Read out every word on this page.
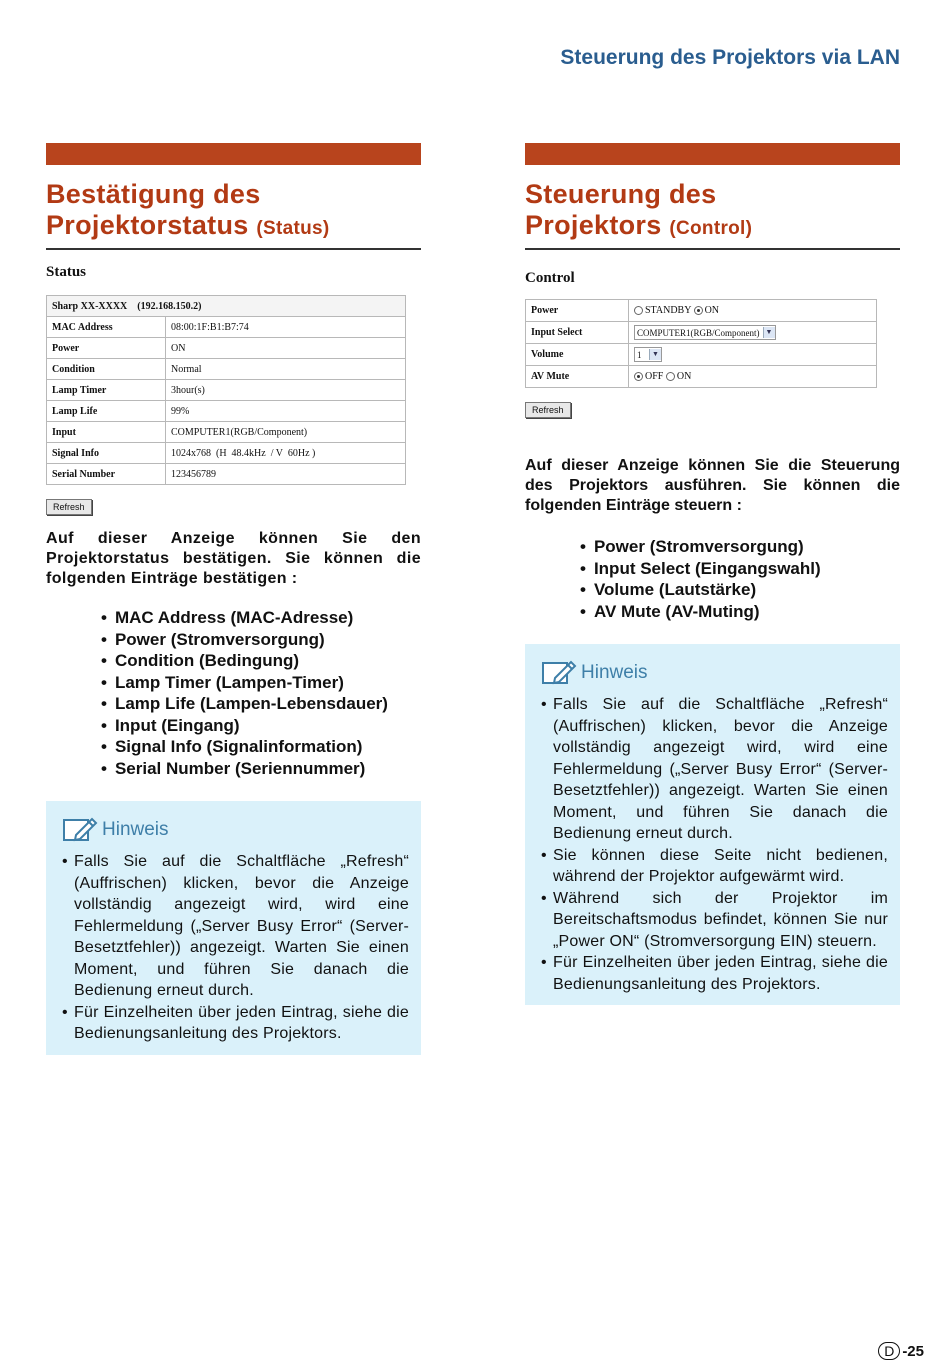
Steuerung des Projektors via LAN
Bestätigung des
Projektorstatus (Status)
Status
Sharp XX-XXXX    (192.168.150.2)	
MAC Address	08:00:1F:B1:B7:74
Power	ON
Condition	Normal
Lamp Timer	3hour(s)
Lamp Life	99%
Input	COMPUTER1(RGB/Component)
Signal Info	1024x768  (H  48.4kHz  / V  60Hz )
Serial Number	123456789
Refresh
Auf dieser Anzeige können Sie den Projektorstatus bestätigen. Sie können die folgenden Einträge bestätigen :
• MAC Address (MAC-Adresse)
• Power (Stromversorgung)
• Condition (Bedingung)
• Lamp Timer (Lampen-Timer)
• Lamp Life (Lampen-Lebensdauer)
• Input (Eingang)
• Signal Info (Signalinformation)
• Serial Number (Seriennummer)
Hinweis
• Falls Sie auf die Schaltfläche „Refresh“ (Auffrischen) klicken, bevor die Anzeige vollständig angezeigt wird, wird eine Fehlermeldung („Server Busy Error“ (Server-Besetztfehler)) angezeigt. Warten Sie einen Moment, und führen Sie danach die Bedienung erneut durch.
• Für Einzelheiten über jeden Eintrag, siehe die Bedienungsanleitung des Projektors.
Steuerung des
Projektors (Control)
Control
Power	STANDBY ON
Input Select	COMPUTER1(RGB/Component) ▼

Volume	1 ▼

AV Mute	OFF ON
Refresh
Auf dieser Anzeige können Sie die Steuerung des Projektors ausführen. Sie können die folgenden Einträge steuern :
• Power (Stromversorgung)
• Input Select (Eingangswahl)
• Volume (Lautstärke)
• AV Mute (AV-Muting)
Hinweis
• Falls Sie auf die Schaltfläche „Refresh“ (Auffrischen) klicken, bevor die Anzeige vollständig angezeigt wird, wird eine Fehlermeldung („Server Busy Error“ (Server-Besetztfehler)) angezeigt. Warten Sie einen Moment, und führen Sie danach die Bedienung erneut durch.
• Sie können diese Seite nicht bedienen, während der Projektor aufgewärmt wird.
• Während sich der Projektor im Bereitschaftsmodus befindet, können Sie nur „Power ON“ (Stromversorgung EIN) steuern.
• Für Einzelheiten über jeden Eintrag, siehe die Bedienungsanleitung des Projektors.
D -25
